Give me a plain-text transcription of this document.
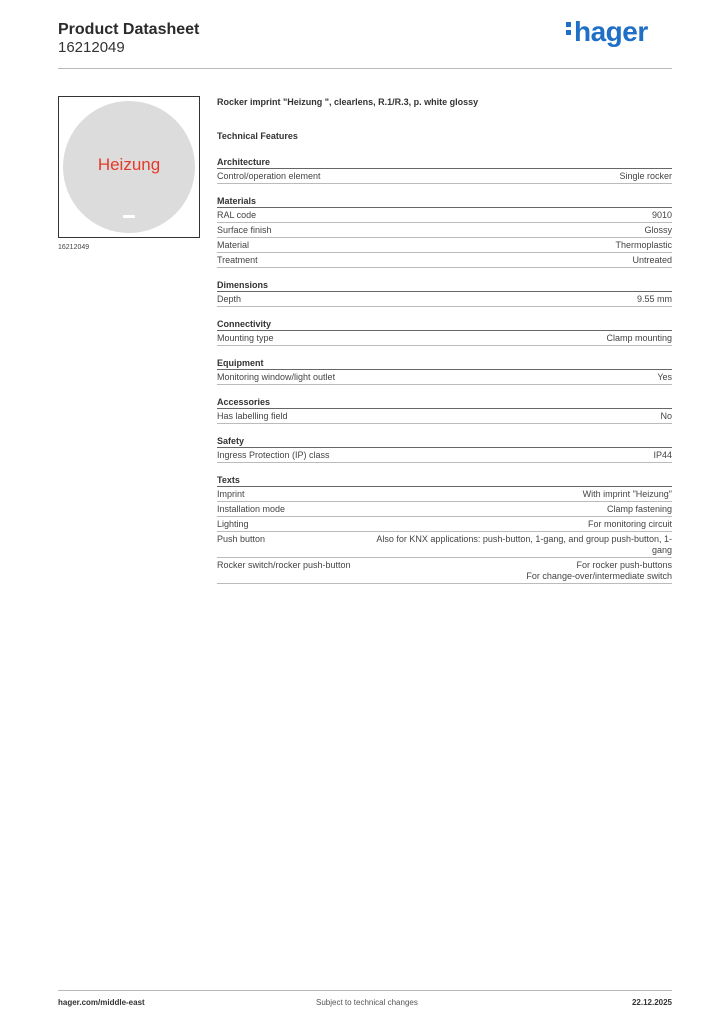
Product Datasheet
16212049
hager
Heizung
16212049
Rocker imprint "Heizung ", clearlens, R.1/R.3, p. white glossy
Technical Features
Architecture
Control/operation element	Single rocker
Materials
RAL code	9010
Surface finish	Glossy
Material	Thermoplastic
Treatment	Untreated
Dimensions
Depth	9.55 mm
Connectivity
Mounting type	Clamp mounting
Equipment
Monitoring window/light outlet	Yes
Accessories
Has labelling field	No
Safety
Ingress Protection (IP) class	IP44
Texts
Imprint	With imprint "Heizung"
Installation mode	Clamp fastening
Lighting	For monitoring circuit
Push button	Also for KNX applications: push-button, 1-gang, and group push-button, 1-gang
Rocker switch/rocker push-button	For rocker push-buttons
For change-over/intermediate switch
hager.com/middle-east	Subject to technical changes	22.12.2025
